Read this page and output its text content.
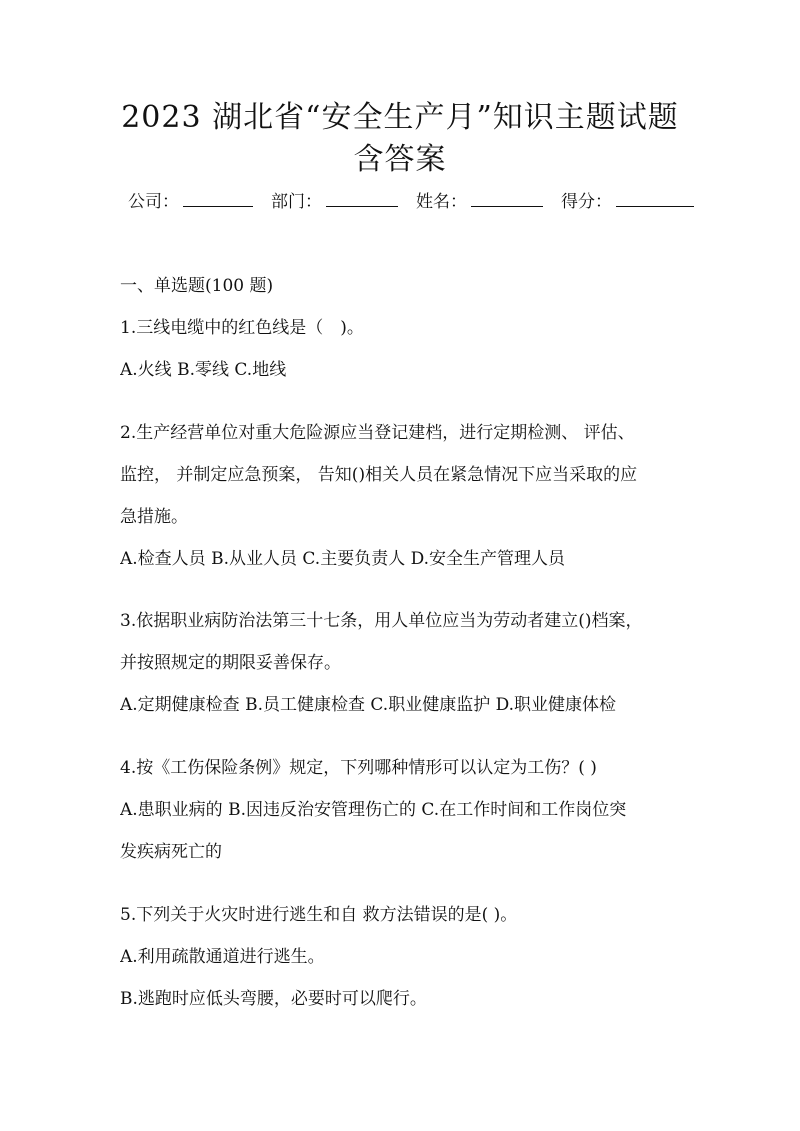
2023 湖北省“安全生产月”知识主题试题
含答案
公司：	部门：	姓名：	得分：
一、单选题(100 题)
1.三线电缆中的红色线是（　)。
A.火线 B.零线 C.地线
2.生产经营单位对重大危险源应当登记建档，进行定期检测、 评估、
监控， 并制定应急预案， 告知()相关人员在紧急情况下应当采取的应
急措施。
A.检查人员 B.从业人员 C.主要负责人 D.安全生产管理人员
3.依据职业病防治法第三十七条，用人单位应当为劳动者建立()档案，
并按照规定的期限妥善保存。
A.定期健康检查 B.员工健康检查 C.职业健康监护 D.职业健康体检
4.按《工伤保险条例》规定，下列哪种情形可以认定为工伤？( )
A.患职业病的 B.因违反治安管理伤亡的 C.在工作时间和工作岗位突
发疾病死亡的
5.下列关于火灾时进行逃生和自 救方法错误的是( )。
A.利用疏散通道进行逃生。
B.逃跑时应低头弯腰，必要时可以爬行。
